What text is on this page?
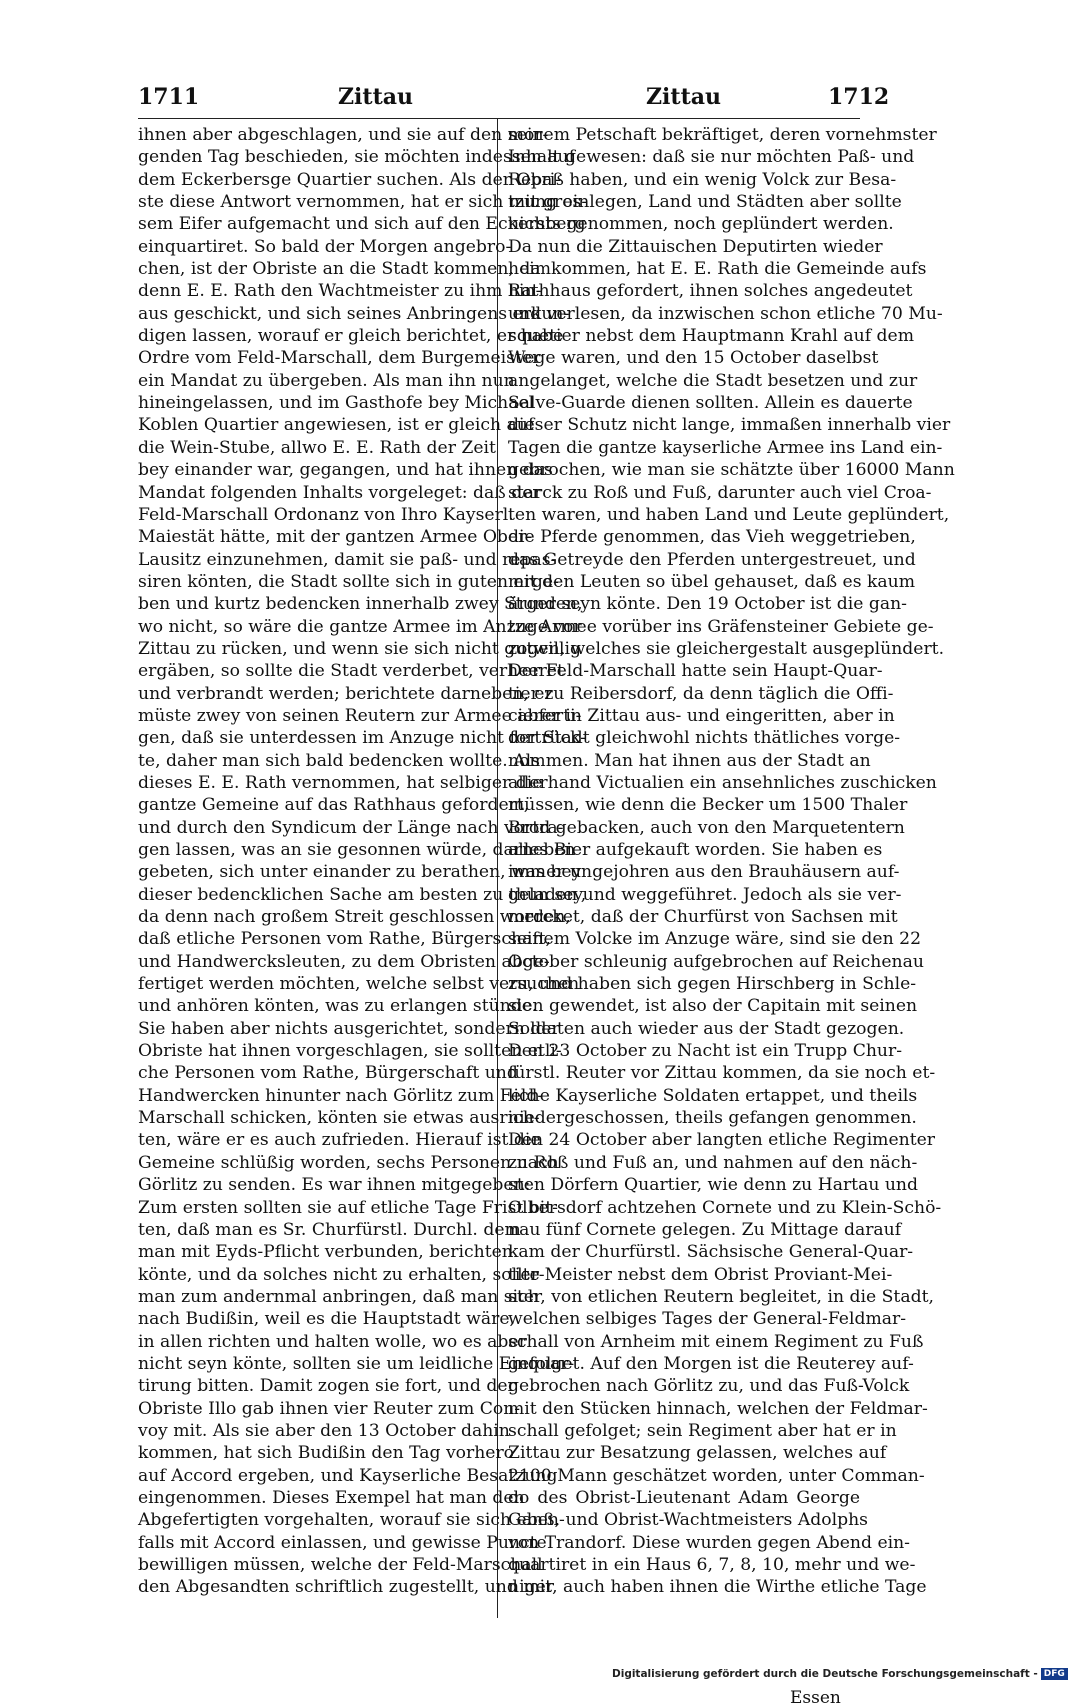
1711	Zittau	Zittau	1712
ihnen aber abgeschlagen, und sie auf den mor-
genden Tag beschieden, sie möchten indessen auf
dem Eckerbersge Quartier suchen. Als der Obri-
ste diese Antwort vernommen, hat er sich mit gros-
sem Eifer aufgemacht und sich auf den Eckersberg
einquartiret. So bald der Morgen angebro-
chen, ist der Obriste an die Stadt kommen, da
denn E. E. Rath den Wachtmeister zu ihm hin-
aus geschickt, und sich seines Anbringens erkun-
digen lassen, worauf er gleich berichtet, er habe
Ordre vom Feld-Marschall, dem Burgemeister
ein Mandat zu übergeben. Als man ihn nun
hineingelassen, und im Gasthofe bey Michael
Koblen Quartier angewiesen, ist er gleich auf
die Wein-Stube, allwo E. E. Rath der Zeit
bey einander war, gegangen, und hat ihnen das
Mandat folgenden Inhalts vorgeleget: daß der
Feld-Marschall Ordonanz von Ihro Kayserl.
Maiestät hätte, mit der gantzen Armee Ober-
Lausitz einzunehmen, damit sie paß- und repas-
siren könten, die Stadt sollte sich in guten erge-
ben und kurtz bedencken innerhalb zwey Stunden,
wo nicht, so wäre die gantze Armee im Anzuge vor
Zittau zu rücken, und wenn sie sich nicht gutwillig
ergäben, so sollte die Stadt verderbet, verheeret
und verbrandt werden; berichtete darneben, er
müste zwey von seinen Reutern zur Armee abferti-
gen, daß sie unterdessen im Anzuge nicht fortrück-
te, daher man sich bald bedencken wollte. Als
dieses E. E. Rath vernommen, hat selbiger die
gantze Gemeine auf das Rathhaus gefordert,
und durch den Syndicum der Länge nach vortra-
gen lassen, was an sie gesonnen würde, darneben
gebeten, sich unter einander zu berathen, was bey
dieser bedencklichen Sache am besten zu thun sey,
da denn nach großem Streit geschlossen worden,
daß etliche Personen vom Rathe, Bürgerschaft,
und Handwercksleuten, zu dem Obristen abge-
fertiget werden möchten, welche selbst versuchen
und anhören könten, was zu erlangen stünde.
Sie haben aber nichts ausgerichtet, sondern der
Obriste hat ihnen vorgeschlagen, sie sollten etli-
che Personen vom Rathe, Bürgerschaft und
Handwercken hinunter nach Görlitz zum Feld-
Marschall schicken, könten sie etwas ausrich-
ten, wäre er es auch zufrieden. Hierauf ist die
Gemeine schlüßig worden, sechs Personen nach
Görlitz zu senden. Es war ihnen mitgegeben:
Zum ersten sollten sie auf etliche Tage Frist bit-
ten, daß man es Sr. Churfürstl. Durchl. dem
man mit Eyds-Pflicht verbunden, berichten
könte, und da solches nicht zu erhalten, sollte
man zum andernmal anbringen, daß man sich
nach Budißin, weil es die Hauptstadt wäre,
in allen richten und halten wolle, wo es aber
nicht seyn könte, sollten sie um leidliche Einquar-
tirung bitten. Damit zogen sie fort, und der
Obriste Illo gab ihnen vier Reuter zum Con-
voy mit. Als sie aber den 13 October dahin
kommen, hat sich Budißin den Tag vorhero
auf Accord ergeben, und Kayserliche Besatzung
eingenommen. Dieses Exempel hat man den
Abgefertigten vorgehalten, worauf sie sich eben-
falls mit Accord einlassen, und gewisse Puncte
bewilligen müssen, welche der Feld-Marschall
den Abgesandten schriftlich zugestellt, und mit
seinem Petschaft bekräftiget, deren vornehmster
Inhalt gewesen: daß sie nur möchten Paß- und
Repaß haben, und ein wenig Volck zur Besa-
tzung einlegen, Land und Städten aber sollte
nichts genommen, noch geplündert werden.
Da nun die Zittauischen Deputirten wieder
heimkommen, hat E. E. Rath die Gemeinde aufs
Rathhaus gefordert, ihnen solches angedeutet
und verlesen, da inzwischen schon etliche 70 Mu-
squetier nebst dem Hauptmann Krahl auf dem
Wege waren, und den 15 October daselbst
angelanget, welche die Stadt besetzen und zur
Salve-Guarde dienen sollten. Allein es dauerte
dieser Schutz nicht lange, immaßen innerhalb vier
Tagen die gantze kayserliche Armee ins Land ein-
gebrochen, wie man sie schätzte über 16000 Mann
starck zu Roß und Fuß, darunter auch viel Croa-
ten waren, und haben Land und Leute geplündert,
die Pferde genommen, das Vieh weggetrieben,
das Getreyde den Pferden untergestreuet, und
mit den Leuten so übel gehauset, daß es kaum
ärger seyn könte. Den 19 October ist die gan-
tze Armee vorüber ins Gräfensteiner Gebiete ge-
zogen, welches sie gleichergestalt ausgeplündert.
Der Feld-Marschall hatte sein Haupt-Quar-
tier zu Reibersdorf, da denn täglich die Offi-
cierer in Zittau aus- und eingeritten, aber in
der Stadt gleichwohl nichts thätliches vorge-
nommen. Man hat ihnen aus der Stadt an
allerhand Victualien ein ansehnliches zuschicken
müssen, wie denn die Becker um 1500 Thaler
Brod gebacken, auch von den Marquetentern
alles Bier aufgekauft worden. Sie haben es
immer ungejohren aus den Brauhäusern auf-
geladen und weggeführet. Jedoch als sie ver-
mercket, daß der Churfürst von Sachsen mit
seinem Volcke im Anzuge wäre, sind sie den 22
October schleunig aufgebrochen auf Reichenau
zu, und haben sich gegen Hirschberg in Schle-
sien gewendet, ist also der Capitain mit seinen
Soldaten auch wieder aus der Stadt gezogen.
Den 23 October zu Nacht ist ein Trupp Chur-
fürstl. Reuter vor Zittau kommen, da sie noch et-
liche Kayserliche Soldaten ertappet, und theils
niedergeschossen, theils gefangen genommen.
Den 24 October aber langten etliche Regimenter
zu Roß und Fuß an, und nahmen auf den näch-
sten Dörfern Quartier, wie denn zu Hartau und
Olbersdorf achtzehen Cornete und zu Klein-Schö-
nau fünf Cornete gelegen. Zu Mittage darauf
kam der Churfürstl. Sächsische General-Quar-
tier-Meister nebst dem Obrist Proviant-Mei-
ster, von etlichen Reutern begleitet, in die Stadt,
welchen selbiges Tages der General-Feldmar-
schall von Arnheim mit einem Regiment zu Fuß
gefolget. Auf den Morgen ist die Reuterey auf-
gebrochen nach Görlitz zu, und das Fuß-Volck
mit den Stücken hinnach, welchen der Feldmar-
schall gefolget; sein Regiment aber hat er in
Zittau zur Besatzung gelassen, welches auf
2100 Mann geschätzet worden, unter Comman-
do des Obrist-Lieutenant Adam George
Ganß, und Obrist-Wachtmeisters Adolphs
von Trandorf. Diese wurden gegen Abend ein-
quartiret in ein Haus 6, 7, 8, 10, mehr und we-
niger, auch haben ihnen die Wirthe etliche Tage
Essen
Digitalisierung gefördert durch die Deutsche Forschungsgemeinschaft - DFG
